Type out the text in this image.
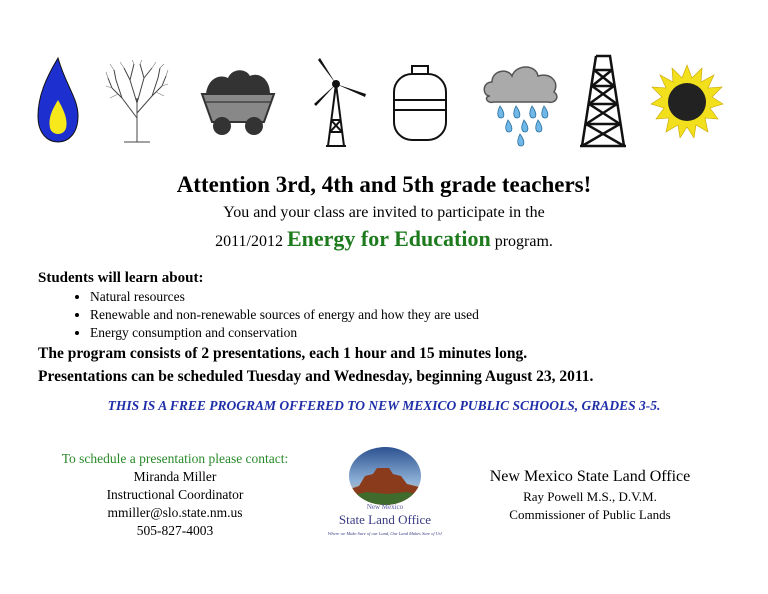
Attention 3rd, 4th and 5th grade teachers!
You and your class are invited to participate in the
2011/2012 Energy for Education program.
Students will learn about:
• Natural resources
• Renewable and non-renewable sources of energy and how they are used
• Energy consumption and conservation
The program consists of 2 presentations, each 1 hour and 15 minutes long.
Presentations can be scheduled Tuesday and Wednesday, beginning August 23, 2011.
THIS IS A FREE PROGRAM OFFERED TO NEW MEXICO PUBLIC SCHOOLS, GRADES 3-5.
To schedule a presentation please contact:
Miranda Miller
Instructional Coordinator
mmiller@slo.state.nm.us
505-827-4003
New Mexico
State Land Office
Where we Make Sure of our Land, Our Land Makes Sure of Us!
New Mexico State Land Office
Ray Powell M.S., D.V.M.
Commissioner of Public Lands
